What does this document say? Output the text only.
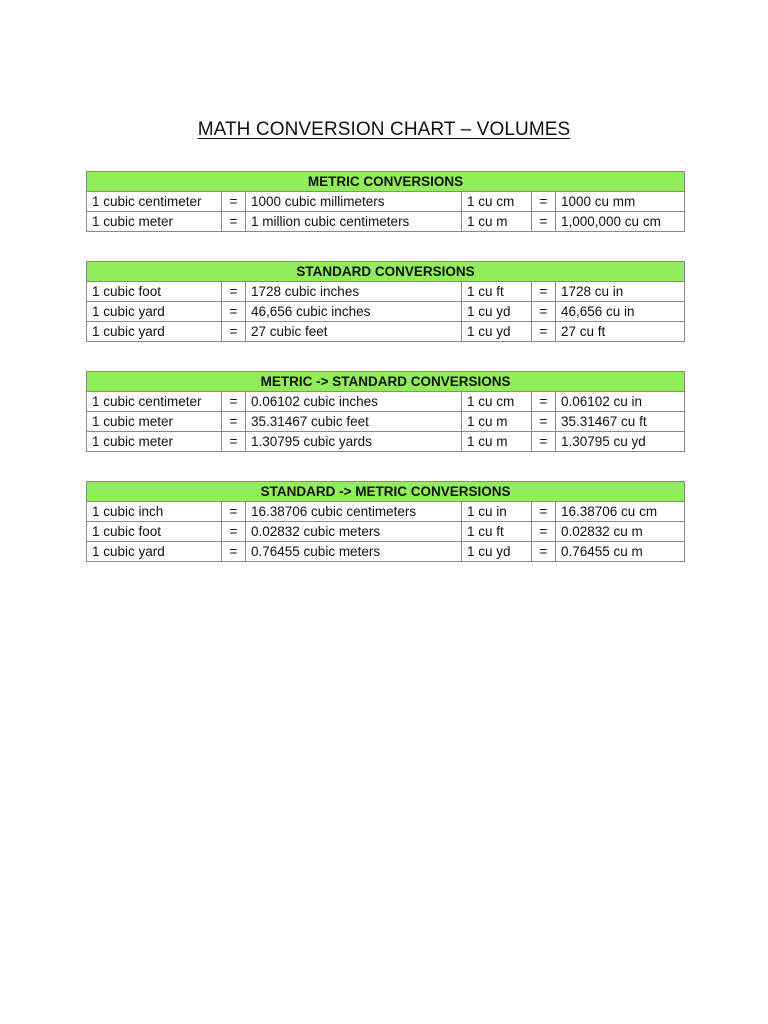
MATH CONVERSION CHART – VOLUMES
METRIC CONVERSIONS					
1 cubic centimeter	=	1000 cubic millimeters	1 cu cm	=	1000 cu mm
1 cubic meter	=	1 million cubic centimeters	1 cu m	=	1,000,000 cu cm
STANDARD CONVERSIONS					
1 cubic foot	=	1728 cubic inches	1 cu ft	=	1728 cu in
1 cubic yard	=	46,656 cubic inches	1 cu yd	=	46,656 cu in
1 cubic yard	=	27 cubic feet	1 cu yd	=	27 cu ft
METRIC -> STANDARD CONVERSIONS					
1 cubic centimeter	=	0.06102 cubic inches	1 cu cm	=	0.06102 cu in
1 cubic meter	=	35.31467 cubic feet	1 cu m	=	35.31467 cu ft
1 cubic meter	=	1.30795 cubic yards	1 cu m	=	1.30795 cu yd
STANDARD -> METRIC CONVERSIONS					
1 cubic inch	=	16.38706 cubic centimeters	1 cu in	=	16.38706 cu cm
1 cubic foot	=	0.02832 cubic meters	1 cu ft	=	0.02832 cu m
1 cubic yard	=	0.76455 cubic meters	1 cu yd	=	0.76455 cu m
